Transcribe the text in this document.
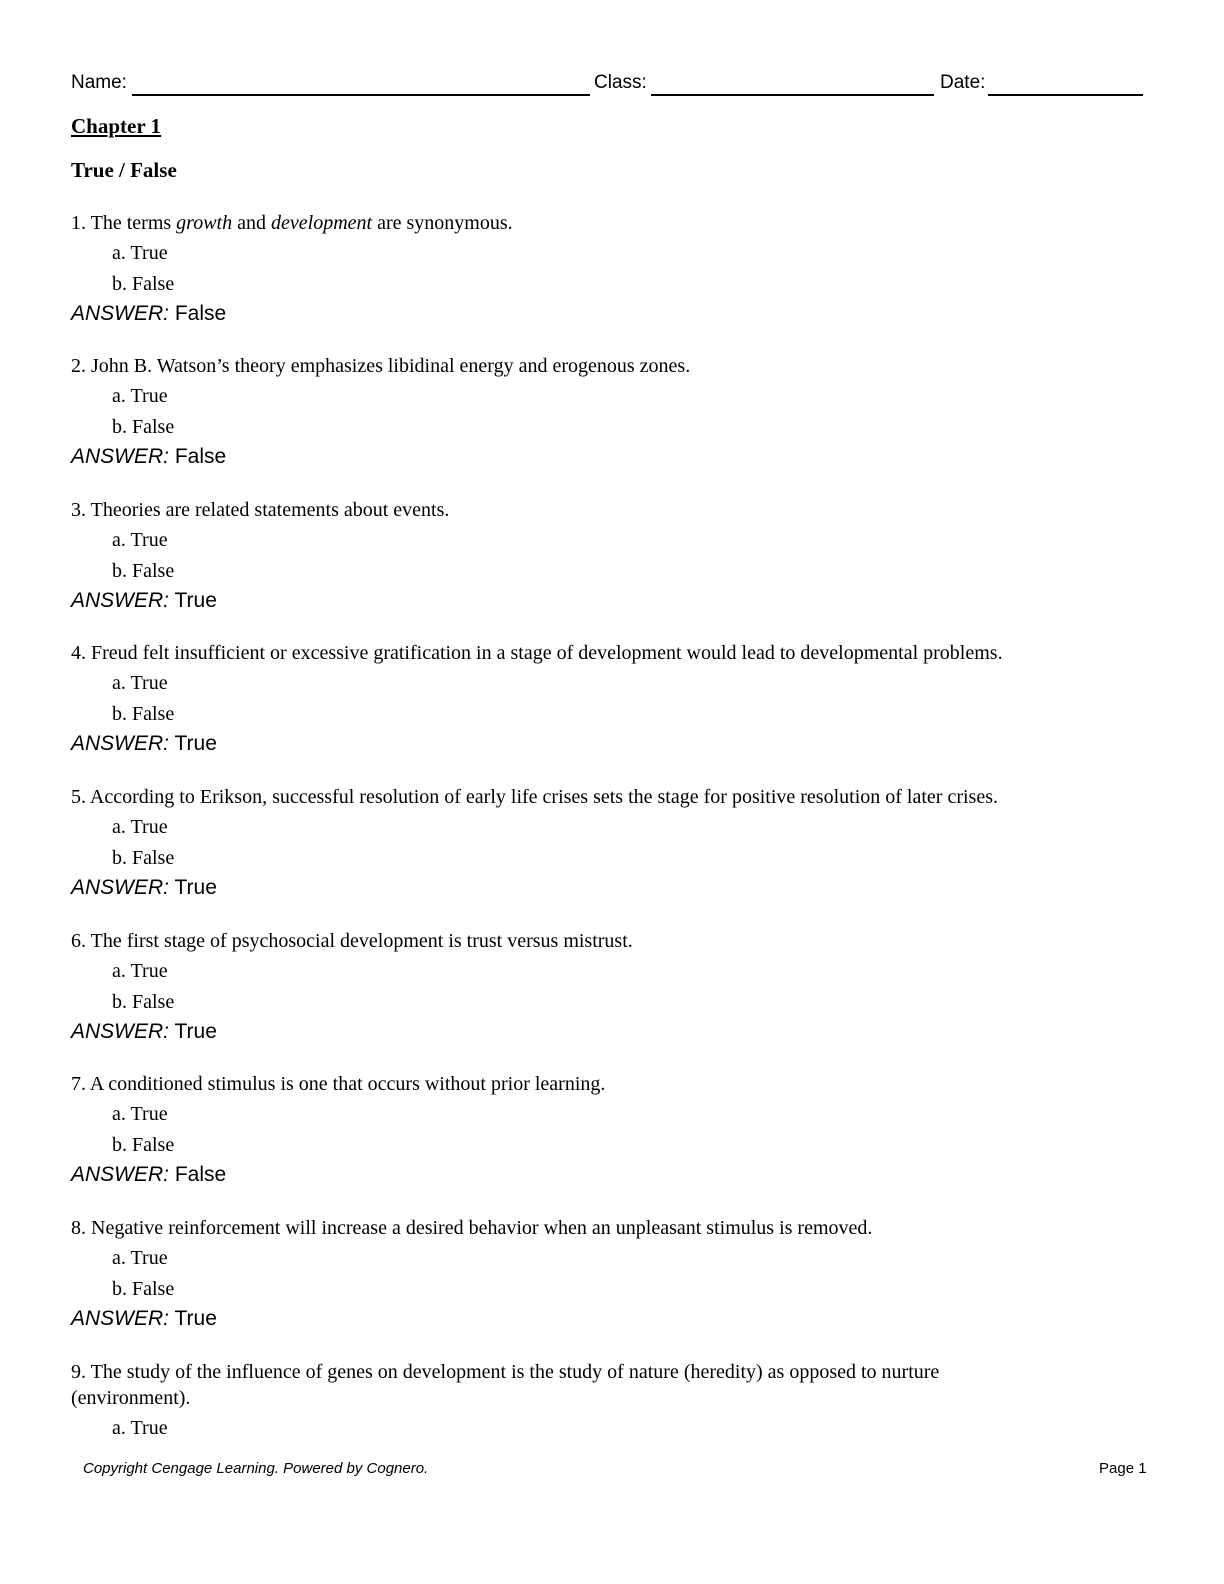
Name:	Class:	Date:
Chapter 1
True / False

1. The terms growth and development are synonymous.

a. True
b. False
ANSWER: False

2. John B. Watson’s theory emphasizes libidinal energy and erogenous zones.

a. True
b. False
ANSWER: False

3. Theories are related statements about events.

a. True
b. False
ANSWER: True

4. Freud felt insufficient or excessive gratification in a stage of development would lead to developmental problems.

a. True
b. False
ANSWER: True

5. According to Erikson, successful resolution of early life crises sets the stage for positive resolution of later crises.

a. True
b. False
ANSWER: True

6. The first stage of psychosocial development is trust versus mistrust.

a. True
b. False
ANSWER: True

7. A conditioned stimulus is one that occurs without prior learning.

a. True
b. False
ANSWER: False

8. Negative reinforcement will increase a desired behavior when an unpleasant stimulus is removed.

a. True
b. False
ANSWER: True

9. The study of the influence of genes on development is the study of nature (heredity) as opposed to nurture (environment).

a. True
Copyright Cengage Learning. Powered by Cognero.	Page 1
